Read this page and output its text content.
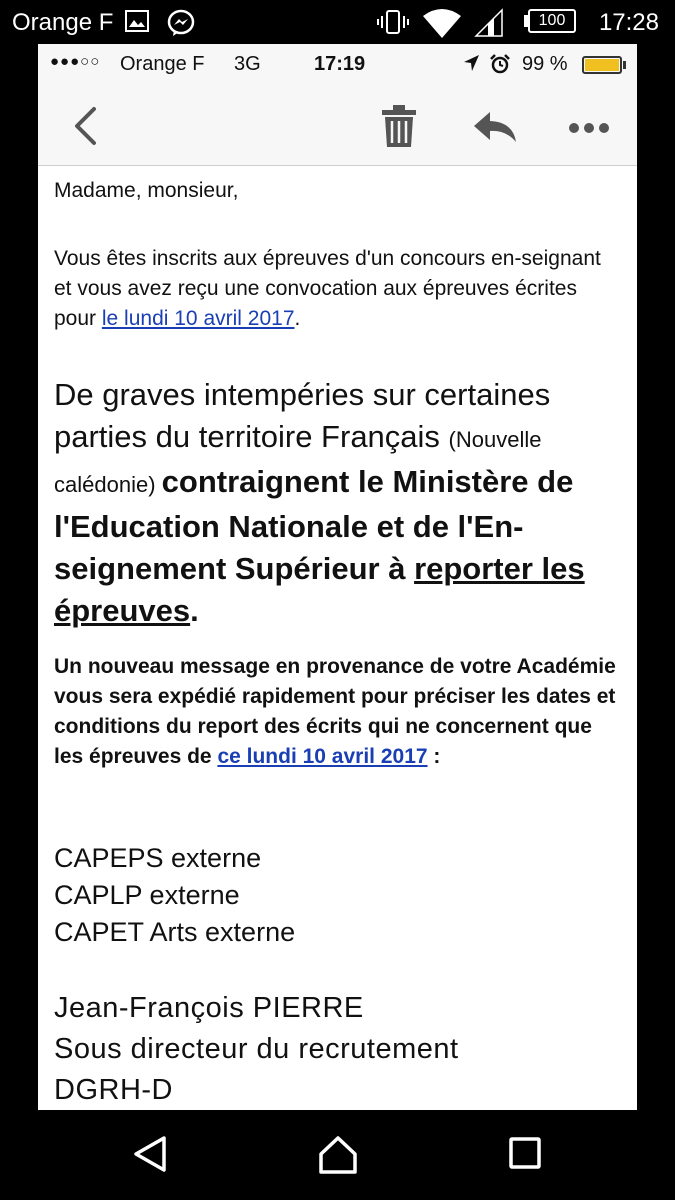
Orange F	100	17:28
●●●○○ Orange F 3G	17:19	99 %

Madame, monsieur,

Vous êtes inscrits aux épreuves d'un concours en-seignant et vous avez reçu une convocation aux épreuves écrites pour le lundi 10 avril 2017.

De graves intempéries sur certaines parties du territoire Français (Nouvelle calédonie) contraignent le Ministère de l'Education Nationale et de l'En-seignement Supérieur à reporter les épreuves.

Un nouveau message en provenance de votre Académie vous sera expédié rapidement pour préciser les dates et conditions du report des écrits qui ne concernent que les épreuves de ce lundi 10 avril 2017 :

CAPEPS externe
CAPLP externe
CAPET Arts externe

Jean-François PIERRE
Sous directeur du recrutement
DGRH-D
